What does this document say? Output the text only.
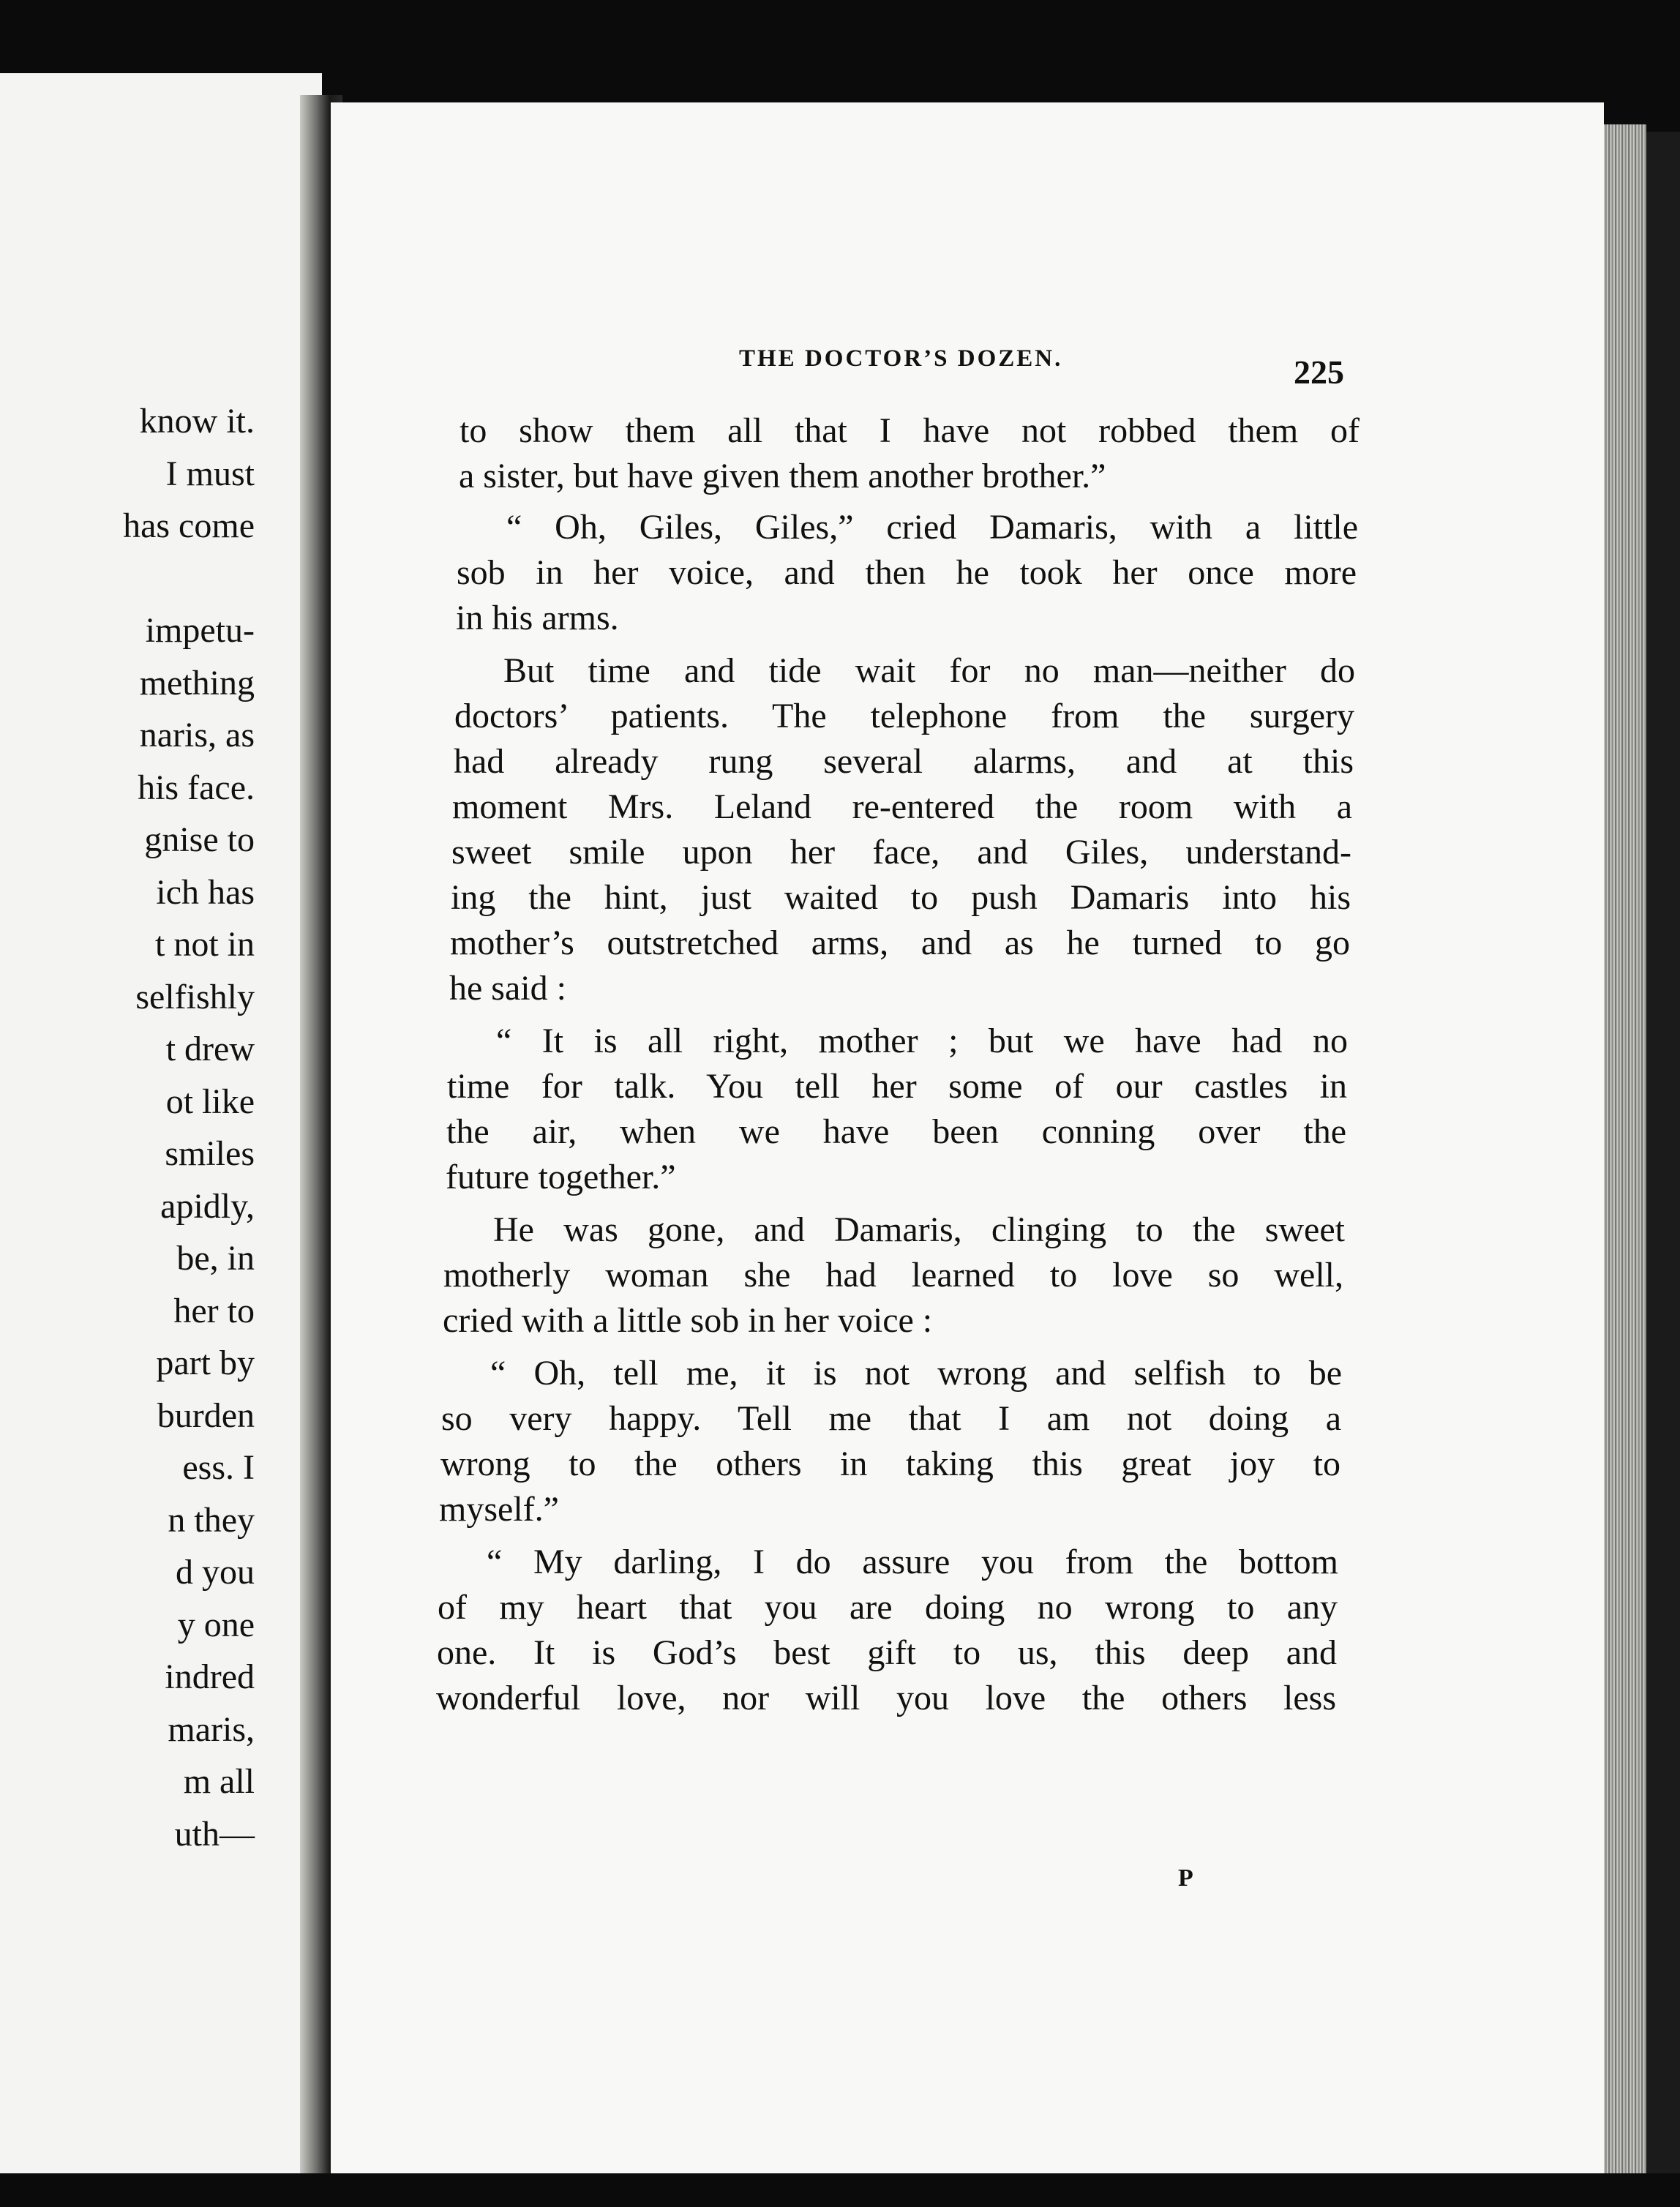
know it.
I must
has come

impetu-
mething
naris, as
his face.
gnise to
ich has
t not in
selfishly
t drew
ot like
smiles
apidly,
be, in
her to
part by
burden
ess. I
n they
d you
y one
indred
maris,
m all
uth—
THE DOCTOR’S DOZEN.	225
to show them all that I have not robbed them of
a sister, but have given them another brother.”
“ Oh, Giles, Giles,” cried Damaris, with a little
sob in her voice, and then he took her once more
in his arms.
But time and tide wait for no man—neither do
doctors’ patients. The telephone from the surgery
had already rung several alarms, and at this
moment Mrs. Leland re-entered the room with a
sweet smile upon her face, and Giles, understand-
ing the hint, just waited to push Damaris into his
mother’s outstretched arms, and as he turned to go
he said :
“ It is all right, mother ; but we have had no
time for talk. You tell her some of our castles in
the air, when we have been conning over the
future together.”
He was gone, and Damaris, clinging to the sweet
motherly woman she had learned to love so well,
cried with a little sob in her voice :
“ Oh, tell me, it is not wrong and selfish to be
so very happy. Tell me that I am not doing a
wrong to the others in taking this great joy to
myself.”
“ My darling, I do assure you from the bottom
of my heart that you are doing no wrong to any
one. It is God’s best gift to us, this deep and
wonderful love, nor will you love the others less
P
